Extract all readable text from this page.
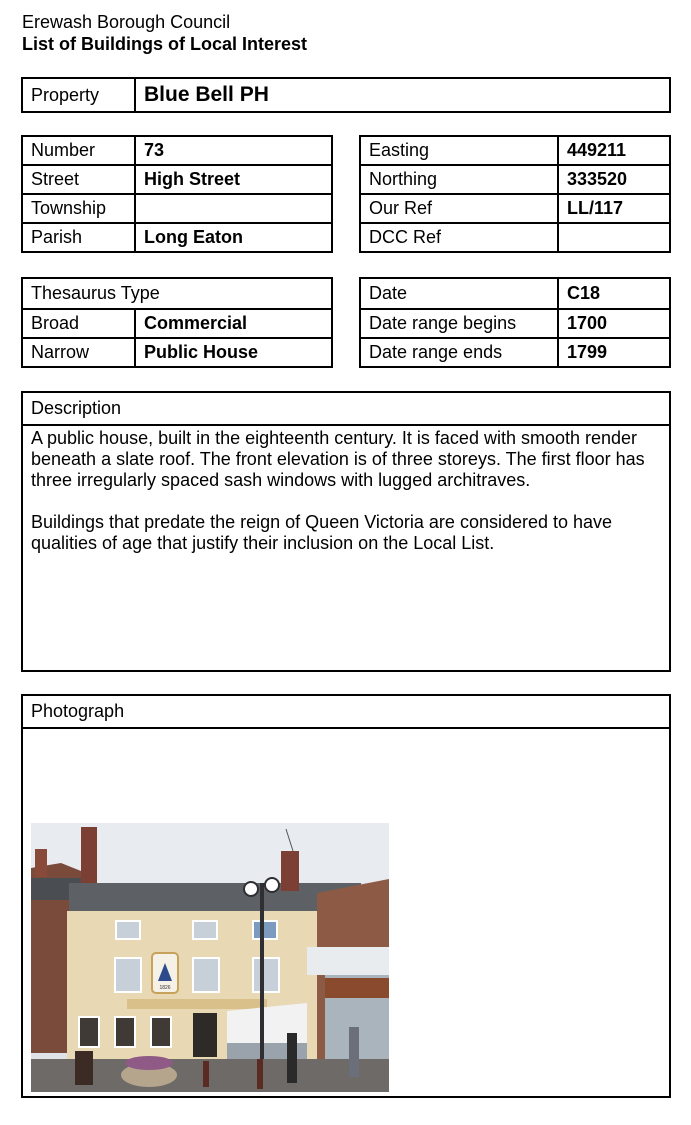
Erewash Borough Council
List of Buildings of Local Interest
Property	Blue Bell PH
Number	73
Street	High Street
Township	
Parish	Long Eaton
Easting	449211
Northing	333520
Our Ref	LL/117
DCC Ref	
Thesaurus Type	
Broad	Commercial
Narrow	Public House
Date	C18
Date range begins	1700
Date range ends	1799
Description

A public house, built in the eighteenth century. It is faced with smooth render beneath a slate roof. The front elevation is of three storeys. The first floor has three irregularly spaced sash windows with lugged architraves.

Buildings that predate the reign of Queen Victoria are considered to have qualities of age that justify their inclusion on the Local List.

Photograph
1826
